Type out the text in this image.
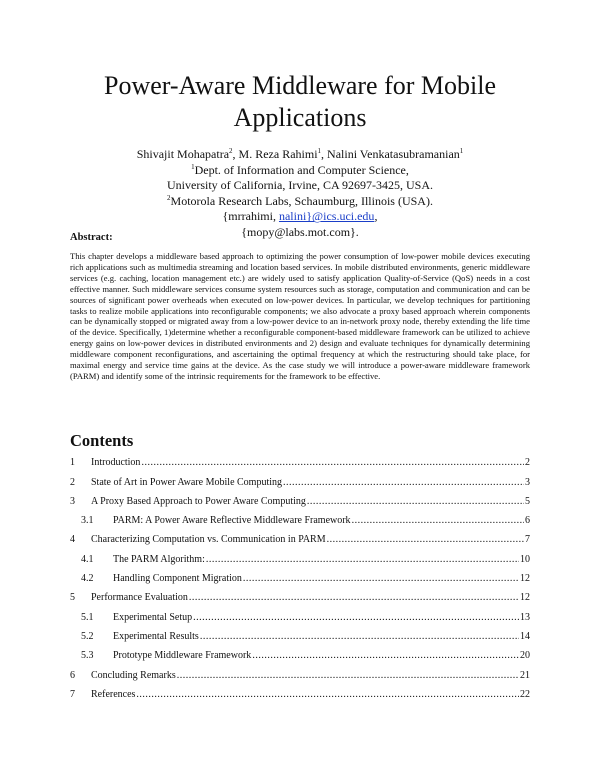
Power-Aware Middleware for Mobile
Applications
Shivajit Mohapatra$^2$, M. Reza Rahimi$^1$, Nalini Venkatasubramanian$^1$
$^1$Dept. of Information and Computer Science,
University of California, Irvine, CA 92697-3425, USA.
$^2$Motorola Research Labs, Schaumburg, Illinois (USA).
{mrrahimi, nalini}@ics.uci.edu,
{mopy@labs.mot.com}.
Abstract:
This chapter develops a middleware based approach to optimizing the power consumption of low-power mobile devices executing rich applications such as multimedia streaming and location based services. In mobile distributed environments, generic middleware services (e.g. caching, location management etc.) are widely used to satisfy application Quality-of-Service (QoS) needs in a cost effective manner. Such middleware services consume system resources such as storage, computation and communication and can be sources of significant power overheads when executed on low-power devices. In particular, we develop techniques for partitioning tasks to realize mobile applications into reconfigurable components; we also advocate a proxy based approach wherein components can be dynamically stopped or migrated away from a low-power device to an in-network proxy node, thereby extending the life time of the device. Specifically, 1)determine whether a reconfigurable component-based middleware framework can be utilized to achieve energy gains on low-power devices in distributed environments and 2) design and evaluate techniques for dynamically determining middleware component reconfigurations, and ascertaining the optimal frequency at which the restructuring should take place, for maximal energy and service time gains at the device. As the case study we will introduce a power-aware middleware framework (PARM) and identify some of the intrinsic requirements for the framework to be effective.
Contents
1 Introduction .....	2
2 State of Art in Power Aware Mobile Computing .....	3
3 A Proxy Based Approach to Power Aware Computing .....	5
3.1 PARM: A Power Aware Reflective Middleware Framework .....	6
4 Characterizing Computation vs. Communication in PARM .....	7
4.1 The PARM Algorithm: .....	10
4.2 Handling Component Migration .....	12
5 Performance Evaluation .....	12
5.1 Experimental Setup .....	13
5.2 Experimental Results .....	14
5.3 Prototype Middleware Framework .....	20
6 Concluding Remarks .....	21
7 References .....	22
